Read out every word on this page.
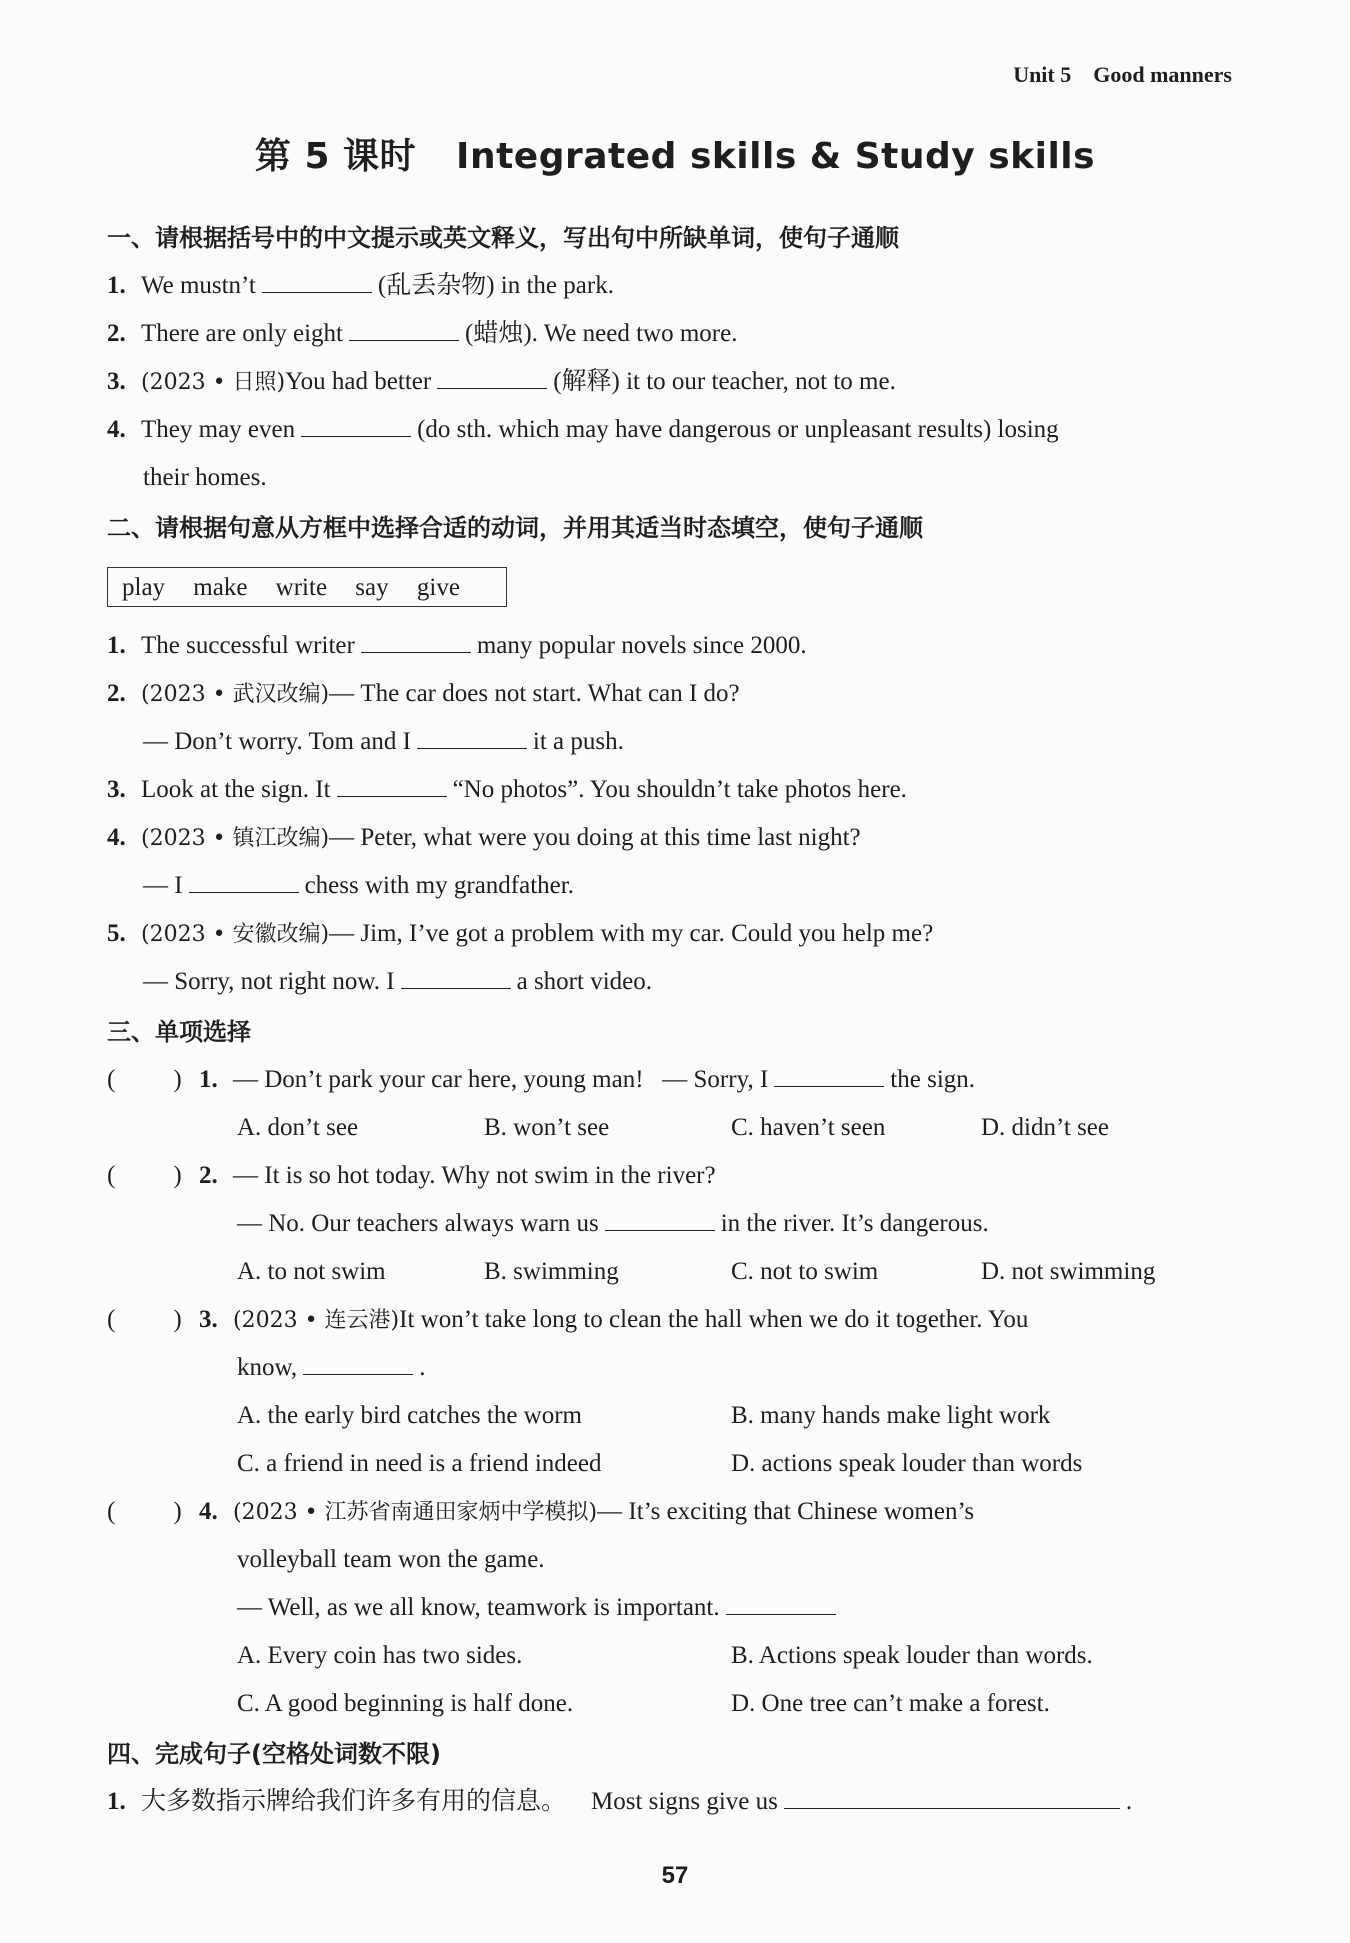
Unit 5 Good manners
第 5 课时 Integrated skills & Study skills
一、请根据括号中的中文提示或英文释义，写出句中所缺单词，使句子通顺
1. We mustn’t	(乱丢杂物) in the park.
2. There are only eight	(蜡烛). We need two more.
3. (2023 • 日照)You had better	(解释) it to our teacher, not to me.
4. They may even	(do sth. which may have dangerous or unpleasant results) losing
their homes.
二、请根据句意从方框中选择合适的动词，并用其适当时态填空，使句子通顺
play make write say give
1. The successful writer	many popular novels since 2000.
2. (2023 • 武汉改编)— The car does not start. What can I do?
— Don’t worry. Tom and I	it a push.
3. Look at the sign. It	“No photos”. You shouldn’t take photos here.
4. (2023 • 镇江改编)— Peter, what were you doing at this time last night?
— I	chess with my grandfather.
5. (2023 • 安徽改编)— Jim, I’ve got a problem with my car. Could you help me?
— Sorry, not right now. I	a short video.
三、单项选择
( ) 1. — Don’t park your car here, young man! — Sorry, I	the sign.
A. don’t see	B. won’t see	C. haven’t seen	D. didn’t see
( ) 2. — It is so hot today. Why not swim in the river?
— No. Our teachers always warn us	in the river. It’s dangerous.
A. to not swim	B. swimming	C. not to swim	D. not swimming
( ) 3. (2023 • 连云港)It won’t take long to clean the hall when we do it together. You
know,	.
A. the early bird catches the worm	B. many hands make light work
C. a friend in need is a friend indeed	D. actions speak louder than words
( ) 4. (2023 • 江苏省南通田家炳中学模拟)— It’s exciting that Chinese women’s
volleyball team won the game.
— Well, as we all know, teamwork is important.
A. Every coin has two sides.	B. Actions speak louder than words.
C. A good beginning is half done.	D. One tree can’t make a forest.
四、完成句子(空格处词数不限)
1. 大多数指示牌给我们许多有用的信息。 Most signs give us	.
57
